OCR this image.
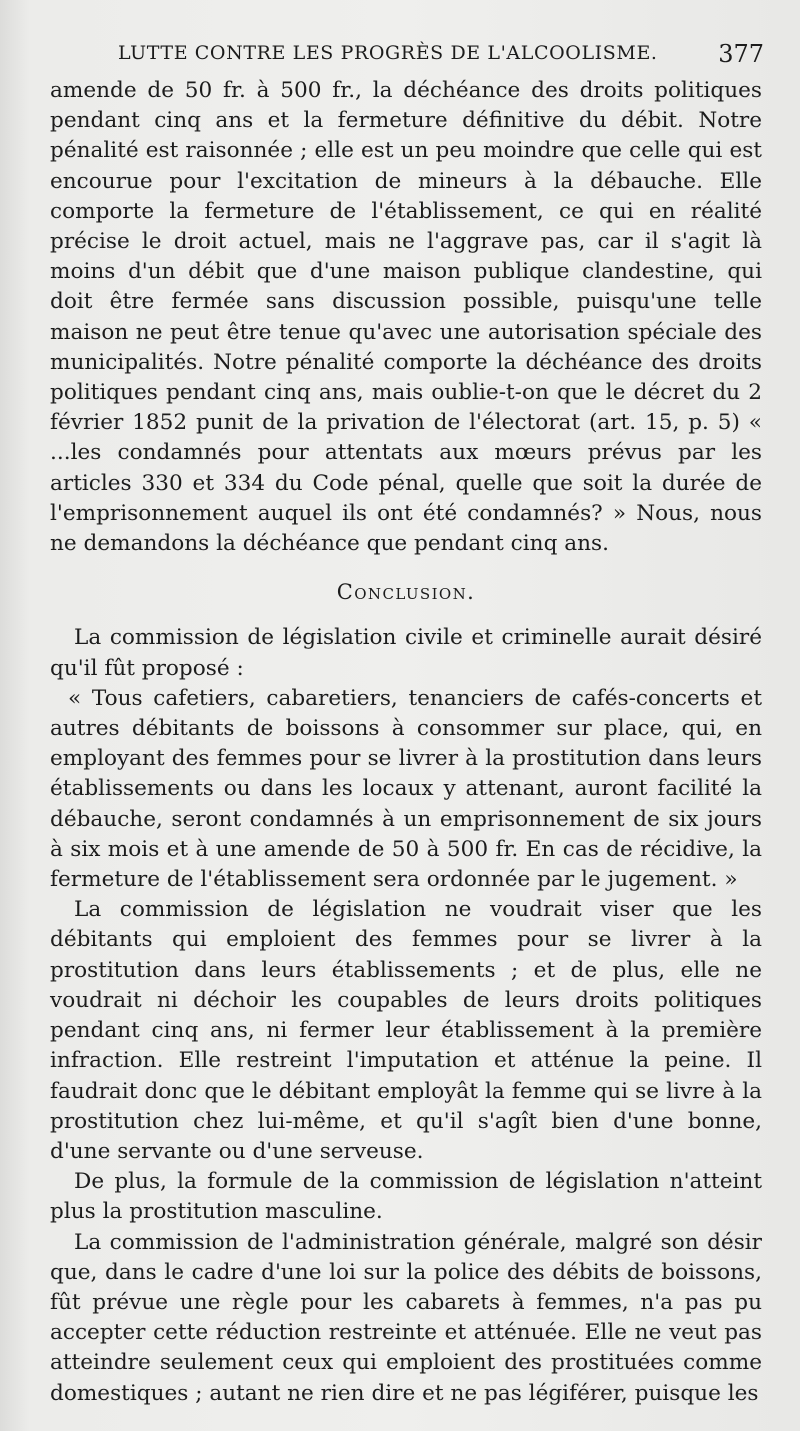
LUTTE CONTRE LES PROGRÈS DE L'ALCOOLISME.	377

amende de 50 fr. à 500 fr., la déchéance des droits politiques pendant cinq ans et la fermeture définitive du débit. Notre pénalité est raisonnée ; elle est un peu moindre que celle qui est encourue pour l'excitation de mineurs à la débauche. Elle comporte la fermeture de l'établissement, ce qui en réalité précise le droit actuel, mais ne l'aggrave pas, car il s'agit là moins d'un débit que d'une maison publique clandestine, qui doit être fermée sans discussion possible, puisqu'une telle maison ne peut être tenue qu'avec une autorisation spéciale des municipalités. Notre pénalité comporte la déchéance des droits politiques pendant cinq ans, mais oublie-t-on que le décret du 2 février 1852 punit de la privation de l'électorat (art. 15, p. 5) « ...les condamnés pour attentats aux mœurs prévus par les articles 330 et 334 du Code pénal, quelle que soit la durée de l'emprisonnement auquel ils ont été condamnés? » Nous, nous ne demandons la déchéance que pendant cinq ans.

Conclusion.

La commission de législation civile et criminelle aurait désiré qu'il fût proposé :

« Tous cafetiers, cabaretiers, tenanciers de cafés-concerts et autres débitants de boissons à consommer sur place, qui, en employant des femmes pour se livrer à la prostitution dans leurs établissements ou dans les locaux y attenant, auront facilité la débauche, seront condamnés à un emprisonnement de six jours à six mois et à une amende de 50 à 500 fr. En cas de récidive, la fermeture de l'établissement sera ordonnée par le jugement. »

La commission de législation ne voudrait viser que les débitants qui emploient des femmes pour se livrer à la prostitution dans leurs établissements ; et de plus, elle ne voudrait ni déchoir les coupables de leurs droits politiques pendant cinq ans, ni fermer leur établissement à la première infraction. Elle restreint l'imputation et atténue la peine. Il faudrait donc que le débitant employât la femme qui se livre à la prostitution chez lui-même, et qu'il s'agît bien d'une bonne, d'une servante ou d'une serveuse.

De plus, la formule de la commission de législation n'atteint plus la prostitution masculine.

La commission de l'administration générale, malgré son désir que, dans le cadre d'une loi sur la police des débits de boissons, fût prévue une règle pour les cabarets à femmes, n'a pas pu accepter cette réduction restreinte et atténuée. Elle ne veut pas atteindre seulement ceux qui emploient des prostituées comme domestiques ; autant ne rien dire et ne pas légiférer, puisque les
